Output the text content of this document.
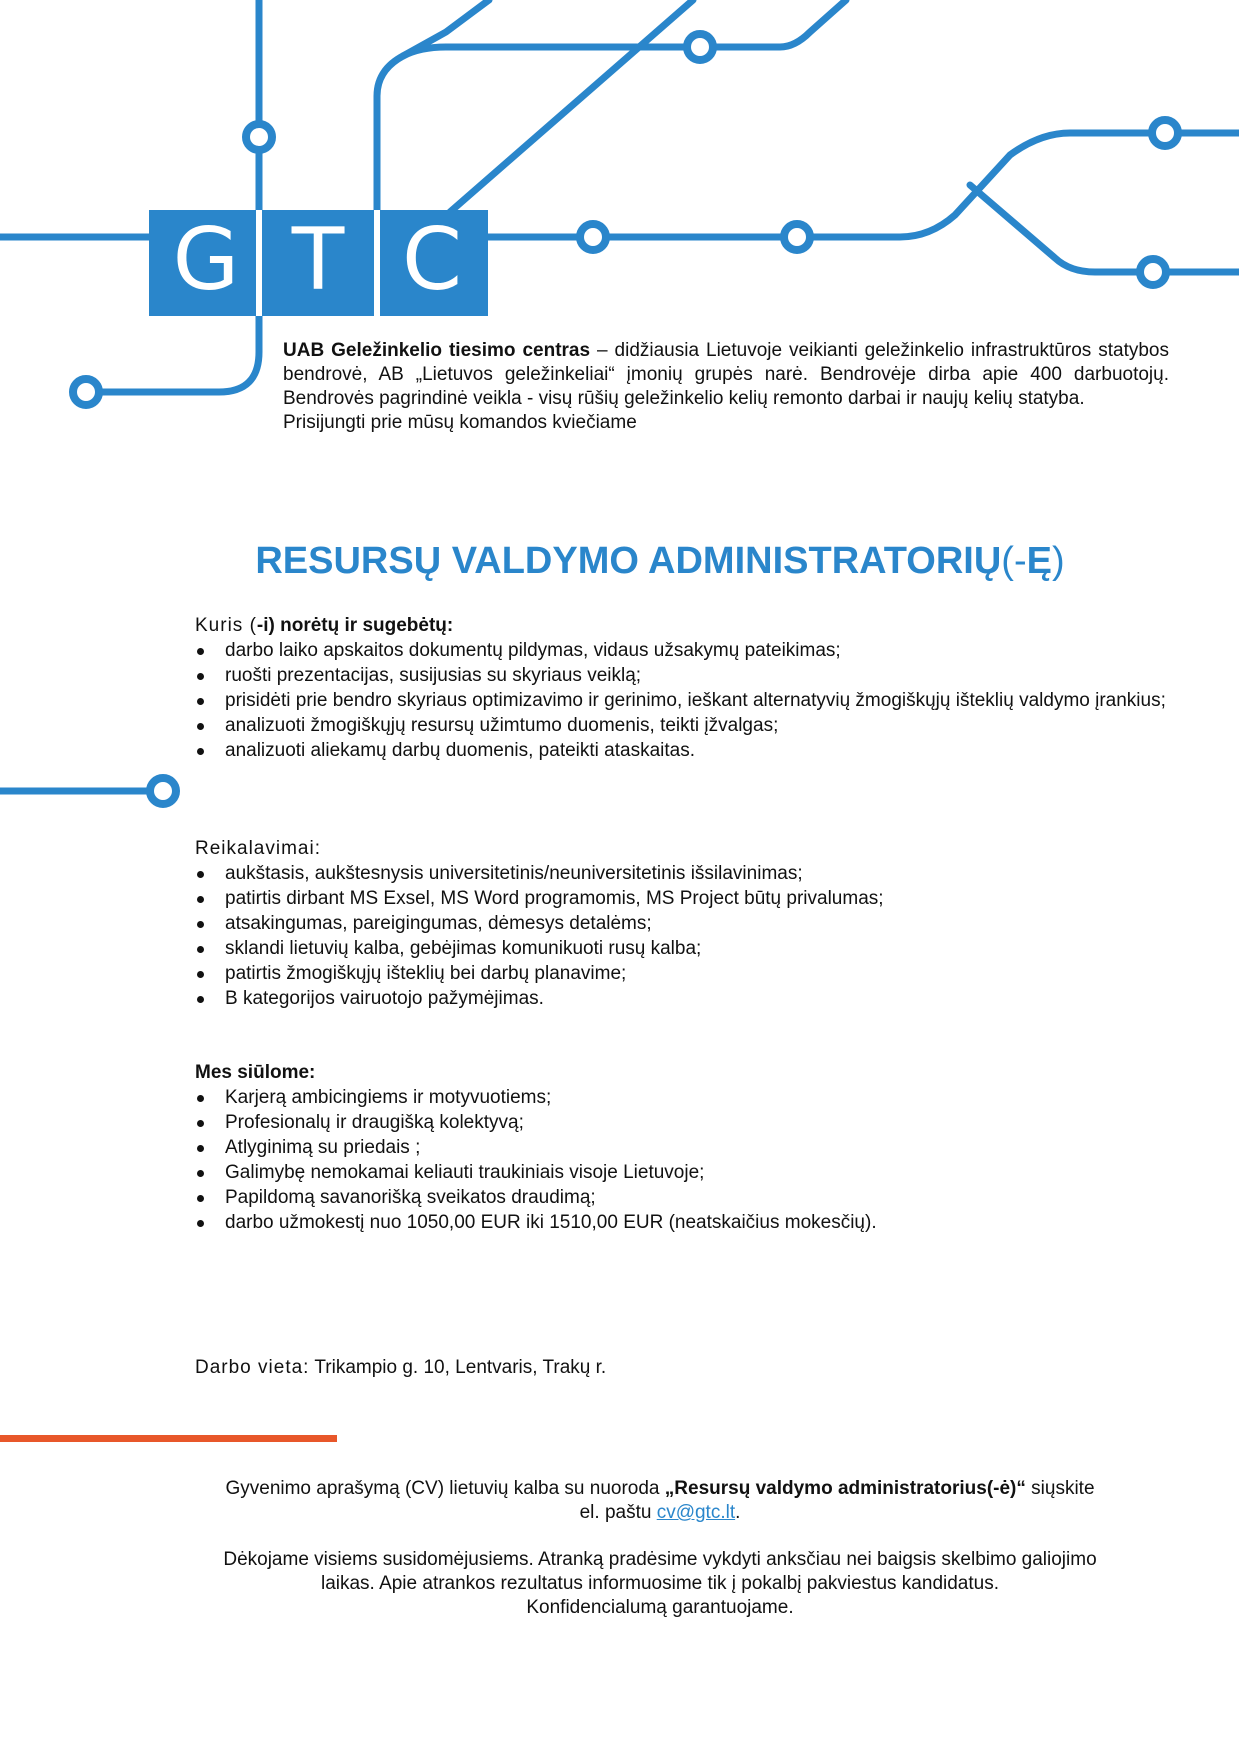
G T C

UAB Geležinkelio tiesimo centras – didžiausia Lietuvoje veikianti geležinkelio infrastruktūros statybos bendrovė, AB „Lietuvos geležinkeliai“ įmonių grupės narė. Bendrovėje dirba apie 400 darbuotojų. Bendrovės pagrindinė veikla - visų rūšių geležinkelio kelių remonto darbai ir naujų kelių statyba.

Prisijungti prie mūsų komandos kviečiame

RESURSŲ VALDYMO ADMINISTRATORIŲ(-Ę)

Kuris (-i) norėtų ir sugebėtų:

darbo laiko apskaitos dokumentų pildymas, vidaus užsakymų pateikimas;
ruošti prezentacijas, susijusias su skyriaus veiklą;
prisidėti prie bendro skyriaus optimizavimo ir gerinimo, ieškant alternatyvių žmogiškųjų išteklių valdymo įrankius;
analizuoti žmogiškųjų resursų užimtumo duomenis, teikti įžvalgas;
analizuoti aliekamų darbų duomenis, pateikti ataskaitas.

Reikalavimai:

aukštasis, aukštesnysis universitetinis/neuniversitetinis išsilavinimas;
patirtis dirbant MS Exsel, MS Word programomis, MS Project būtų privalumas;
atsakingumas, pareigingumas, dėmesys detalėms;
sklandi lietuvių kalba, gebėjimas komunikuoti rusų kalba;
patirtis žmogiškųjų išteklių bei darbų planavime;
B kategorijos vairuotojo pažymėjimas.

Mes siūlome:

Karjerą ambicingiems ir motyvuotiems;
Profesionalų ir draugišką kolektyvą;
Atlyginimą su priedais ;
Galimybę nemokamai keliauti traukiniais visoje Lietuvoje;
Papildomą savanorišką sveikatos draudimą;
darbo užmokestį nuo 1050,00 EUR iki 1510,00 EUR (neatskaičius mokesčių).

Darbo vieta: Trikampio g. 10, Lentvaris, Trakų r.

Gyvenimo aprašymą (CV) lietuvių kalba su nuoroda „Resursų valdymo administratorius(-ė)“ siųskite
el. paštu cv@gtc.lt.
Dėkojame visiems susidomėjusiems. Atranką pradėsime vykdyti anksčiau nei baigsis skelbimo galiojimo
laikas. Apie atrankos rezultatus informuosime tik į pokalbį pakviestus kandidatus.
Konfidencialumą garantuojame.
